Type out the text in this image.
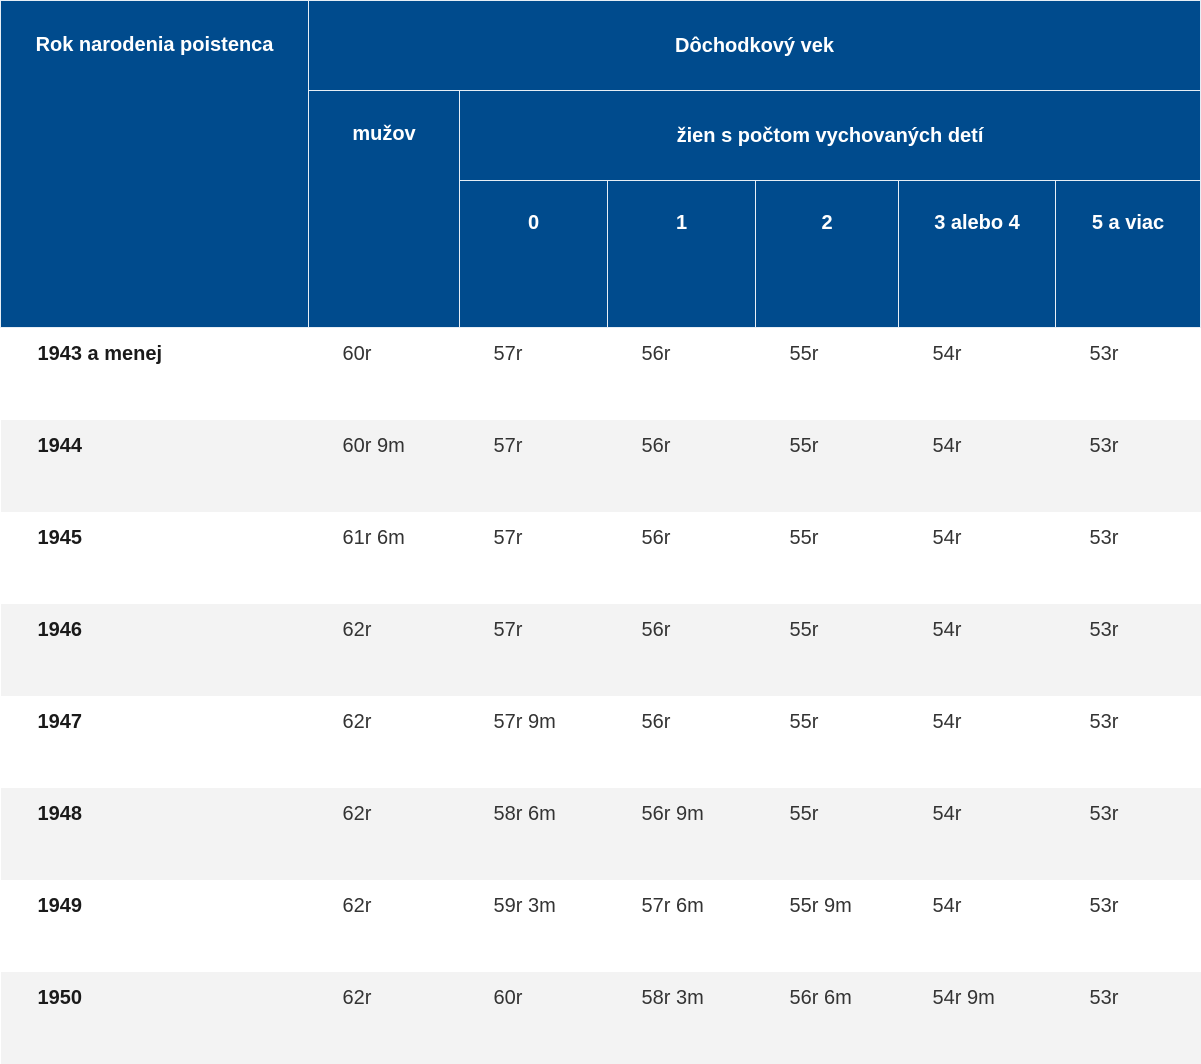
Rok narodenia poistenca	Dôchodkový vek					
	mužov	žien s počtom vychovaných detí				
		0	1	2	3 alebo 4	5 a viac
1943 a menej	60r	57r	56r	55r	54r	53r
1944	60r 9m	57r	56r	55r	54r	53r
1945	61r 6m	57r	56r	55r	54r	53r
1946	62r	57r	56r	55r	54r	53r
1947	62r	57r 9m	56r	55r	54r	53r
1948	62r	58r 6m	56r 9m	55r	54r	53r
1949	62r	59r 3m	57r 6m	55r 9m	54r	53r
1950	62r	60r	58r 3m	56r 6m	54r 9m	53r
